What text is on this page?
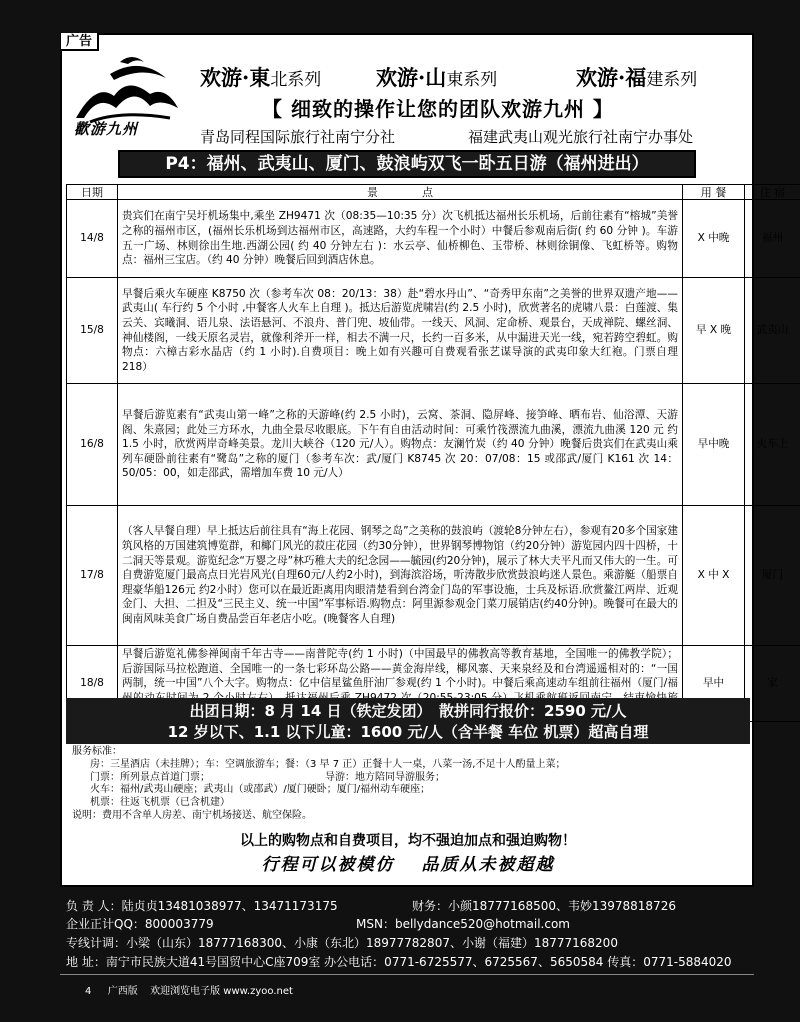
广告
歡游九州
欢游·東北系列	欢游·山東系列	欢游·福建系列
【 细致的操作让您的团队欢游九州 】
青岛同程国际旅行社南宁分社	福建武夷山观光旅行社南宁办事处
P4：福州、武夷山、厦门、鼓浪屿双飞一卧五日游（福州进出）
日期	景　　　　点	用 餐	住 宿
14/8	贵宾们在南宁吴圩机场集中,乘坐 ZH9471 次（08:35—10:35 分）次飞机抵达福州长乐机场，后前往素有“榕城”美誉之称的福州市区，(福州长乐机场到达福州市区，高速路，大约车程一个小时）中餐后参观南后街( 约 60 分钟 )。车游五一广场、林则徐出生地.西湖公园( 约 40 分钟左右 )：水云亭、仙桥柳色、玉带桥、林则徐铜像、飞虹桥等。购物点：福州三宝店。（约 40 分钟）晚餐后回到酒店休息。	X 中晚	福州
15/8	早餐后乘火车硬座 K8750 次（参考车次 08：20/13：38）赴“碧水丹山”、“奇秀甲东南”之美誉的世界双遗产地——武夷山( 车行约 5 个小时 ,中餐客人火车上自理 )。抵达后游览虎啸岩(约 2.5 小时)，欣赏著名的虎啸八景：白莲渡、集云关、宾曦洞、语儿泉、法语悬河、不浪舟、普门兜、坡仙带。一线天、风洞、定命桥、观景台，天成禅院、螺丝洞、神仙楼阁，一线天原名灵岩，就像利斧开一样，相去不满一尺，长约一百多米，从中漏进天光一线，宛若跨空碧虹。购物点：六樟古彩水晶店（约 1 小时).自费项目：晚上如有兴趣可自费观看张艺谋导演的武夷印象大红袍。门票自理 218）	早 X 晚	武夷山
16/8	早餐后游览素有“武夷山第一峰”之称的天游峰(约 2.5 小时)，云窝、茶洞、隐屏峰、接笋峰、晒布岩、仙浴潭、天游阁、朱熹园；此处三方环水，九曲全景尽收眼底。下午有自由活动时间：可乘竹筏漂流九曲溪，漂流九曲溪 120 元 约 1.5 小时，欣赏两岸奇峰美景。龙川大峡谷（120 元/人）。购物点：友澜竹炭（约 40 分钟）晚餐后贵宾们在武夷山乘列车硬卧前往素有“鹭岛”之称的厦门（参考车次：武/厦门 K8745 次 20：07/08：15 或邵武/厦门 K161 次 14：50/05：00，如走邵武，需增加车费 10 元/人）	早中晚	火车上
17/8	（客人早餐自理）早上抵达后前往具有“海上花园、钢琴之岛”之美称的鼓浪屿（渡轮8分钟左右），参观有20多个国家建筑风格的万国建筑博览群，和椰门风光的菽庄花园（约30分钟），世界钢琴博物馆（约20分钟）游览园内四十四桥，十二洞天等景观。游览纪念“万婴之母”林巧稚大夫的纪念园——毓园(约20分钟)，展示了林大夫平凡而又伟大的一生。可自费游览厦门最高点日光岩风光(自理60元/人约2小时)，到海滨浴场，听涛散步欣赏鼓浪屿迷人景色。乘游艇（船票自理豪华船126元 约2小时）您可以在最近距离用肉眼清楚看到台湾金门岛的军事设施，士兵及标语.欣赏鳌江两岸、近观金门、大担、二担及“三民主义、统一中国”军事标语.购物点：阿里源参观金门菜刀展销店(约40分钟)。晚餐可在最大的闽南风味美食广场自费品尝百年老店小吃。(晚餐客人自理)	X 中 X	厦门
18/8	早餐后游览礼佛参禅闽南千年古寺——南普陀寺(约 1 小时)（中国最早的佛教高等教育基地，全国唯一的佛教学院）；后游国际马拉松跑道、全国唯一的一条七彩环岛公路——黄金海岸线，椰风寨、天来泉经及和台湾遥遥相对的：“一国两制，统一中国”八个大字。购物点：亿中信星鲨鱼肝油厂参观(约 1 个小时)。中餐后乘高速动车组前往福州（厦门/福	早中	家
出团日期：8 月 14 日（铁定发团）　散拼同行报价：2590 元/人
12 岁以下、1.1 以下儿童：1600 元/人（含半餐 车位 机票）超高自理
服务标准：
房：三星酒店（未挂牌）；车：空调旅游车；餐：（3 早 7 正）正餐十人一桌，八菜一汤,不足十人酌量上菜；
门票：所列景点首道门票；　　　　　　　　　　　　导游：地方陪同导游服务；
火车：福州/武夷山硬座；武夷山（或邵武）/厦门硬卧；厦门/福州动车硬座；
机票：往返飞机票（已含机建）
说明：费用不含单人房差、南宁机场接送、航空保险。
以上的购物点和自费项目，均不强迫加点和强迫购物！
行程可以被模仿　 品质从未被超越
负 责 人：陆贞贞13481038977、13471173175	财务：小颜18777168500、韦妙13978818726
企业正计QQ：800003779	MSN：bellydance520@hotmail.com
专线计调：小梁（山东）18777168300、小康（东北）18977782807、小谢（福建）18777168200
地 址：南宁市民族大道41号国贸中心C座709室 办公电话：0771-6725577、6725567、5650584 传真：0771-5884020
4 广西版 欢迎浏览电子版 www.zyoo.net
